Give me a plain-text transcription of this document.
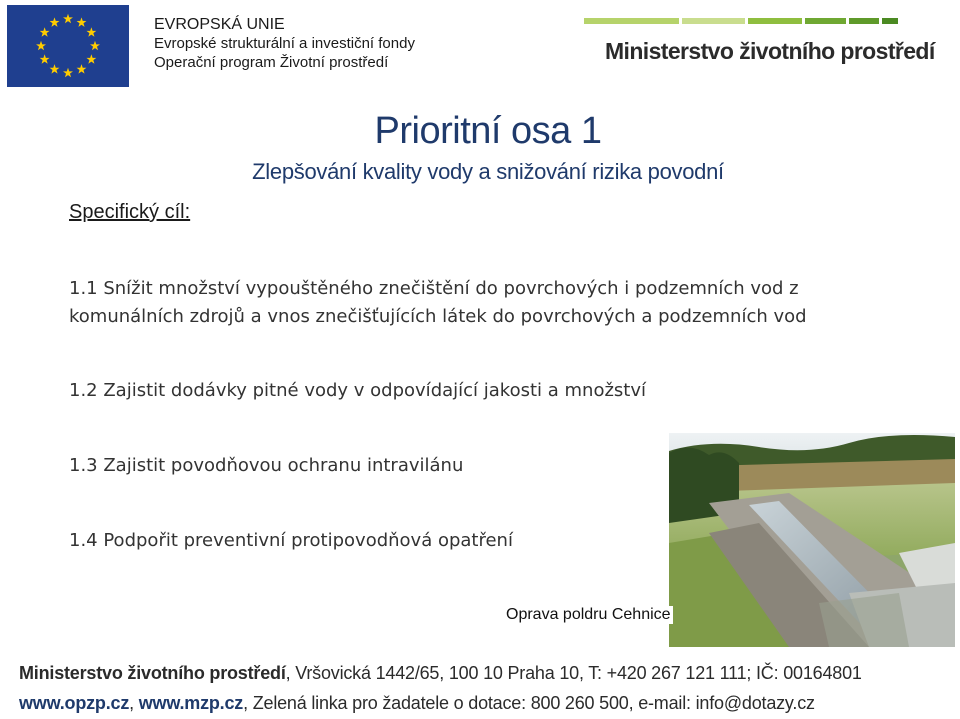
EVROPSKÁ UNIE
Evropské strukturální a investiční fondy
Operační program Životní prostředí	Ministerstvo životního prostředí
Prioritní osa 1
Zlepšování kvality vody a snižování rizika povodní
Specifický cíl:
1.1 Snížit množství vypouštěného znečištění do povrchových i podzemních vod z
komunálních zdrojů a vnos znečišťujících látek do povrchových a podzemních vod
1.2 Zajistit dodávky pitné vody v odpovídající jakosti a množství
1.3 Zajistit povodňovou ochranu intravilánu
1.4 Podpořit preventivní protipovodňová opatření
Oprava poldru Cehnice
Ministerstvo životního prostředí, Vršovická 1442/65, 100 10 Praha 10, T: +420 267 121 111; IČ: 00164801
www.opzp.cz, www.mzp.cz, Zelená linka pro žadatele o dotace: 800 260 500, e-mail: info@dotazy.cz
